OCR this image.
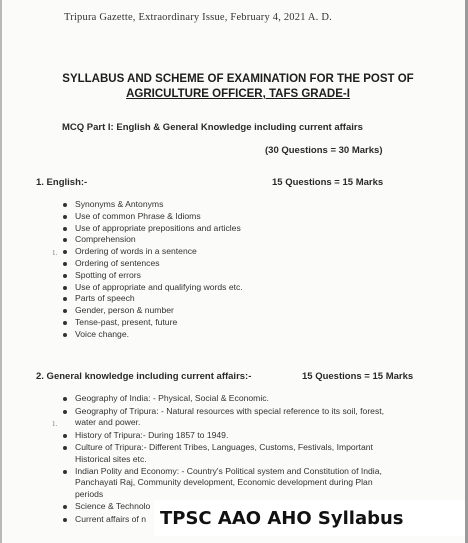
Tripura Gazette, Extraordinary Issue, February 4, 2021 A. D.
SYLLABUS AND SCHEME OF EXAMINATION FOR THE POST OF
AGRICULTURE OFFICER, TAFS GRADE-I
MCQ Part I: English & General Knowledge including current affairs
(30 Questions = 30 Marks)
1. English:-	15 Questions = 15 Marks
Synonyms & Antonyms
Use of common Phrase & Idioms
Use of appropriate prepositions and articles
Comprehension
Ordering of words in a sentence
Ordering of sentences
Spotting of errors
Use of appropriate and qualifying words etc.
Parts of speech
Gender, person & number
Tense-past, present, future
Voice change.
1.
2. General knowledge including current affairs:-	15 Questions = 15 Marks
Geography of India: - Physical, Social & Economic.
Geography of Tripura: - Natural resources with special reference to its soil, forest, water and power.
History of Tripura:- During 1857 to 1949.
Culture of Tripura:- Different Tribes, Languages, Customs, Festivals, Important Historical sites etc.
Indian Polity and Economy: - Country's Political system and Constitution of India, Panchayati Raj, Community development, Economic development during Plan periods
Science & Technolo
Current affairs of n
1.
TPSC AAO AHO Syllabus
